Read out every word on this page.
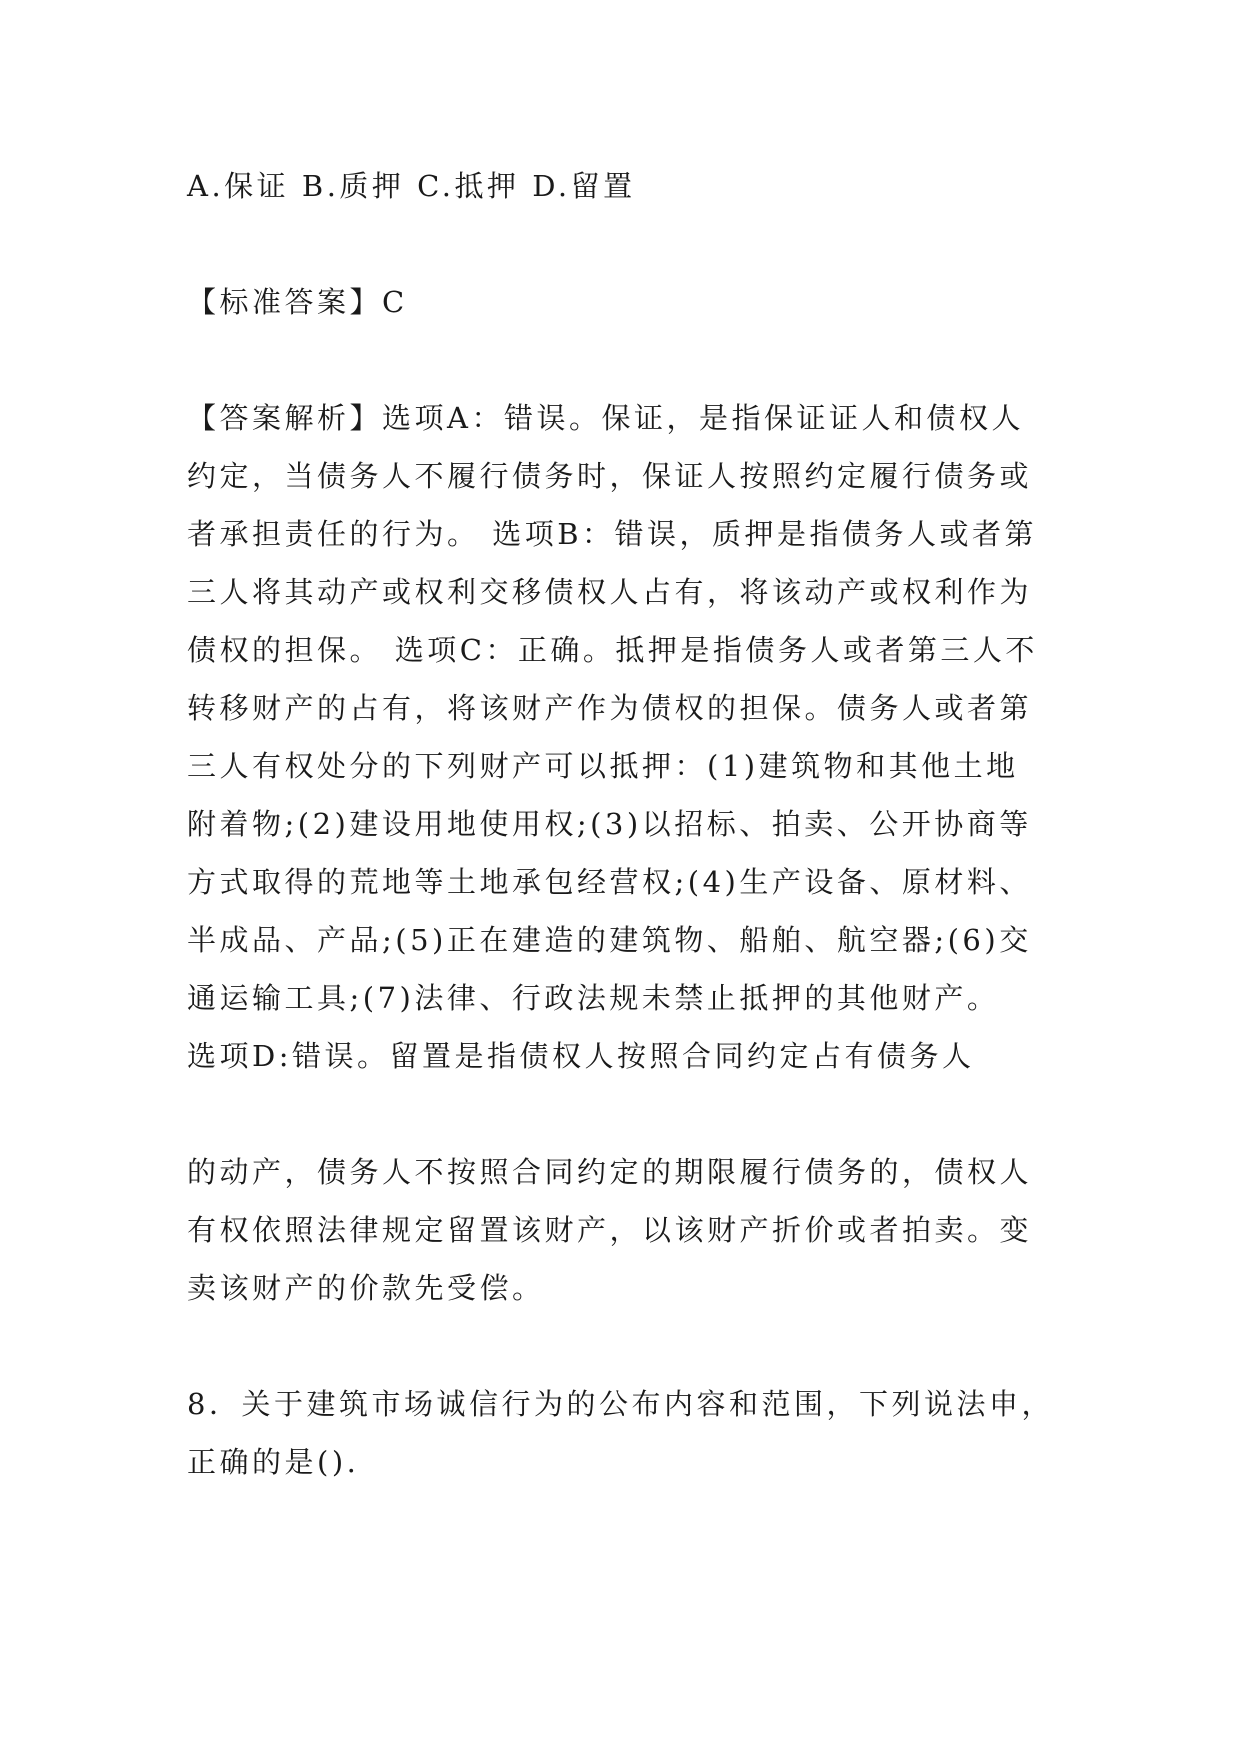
A.保证 B.质押 C.抵押 D.留置
【标准答案】C
【答案解析】选项A：错误。保证，是指保证证人和债权人
约定，当债务人不履行债务时，保证人按照约定履行债务或
者承担责任的行为。 选项B：错误，质押是指债务人或者第
三人将其动产或权利交移债权人占有，将该动产或权利作为
债权的担保。 选项C：正确。抵押是指债务人或者第三人不
转移财产的占有，将该财产作为债权的担保。债务人或者第
三人有权处分的下列财产可以抵押：(1)建筑物和其他土地
附着物;(2)建设用地使用权;(3)以招标、拍卖、公开协商等
方式取得的荒地等土地承包经营权;(4)生产设备、原材料、
半成品、产品;(5)正在建造的建筑物、船舶、航空器;(6)交
通运输工具;(7)法律、行政法规未禁止抵押的其他财产。
选项D:错误。留置是指债权人按照合同约定占有债务人
的动产，债务人不按照合同约定的期限履行债务的，债权人
有权依照法律规定留置该财产，以该财产折价或者拍卖。变
卖该财产的价款先受偿。
8．关于建筑市场诚信行为的公布内容和范围，下列说法申，
正确的是().
